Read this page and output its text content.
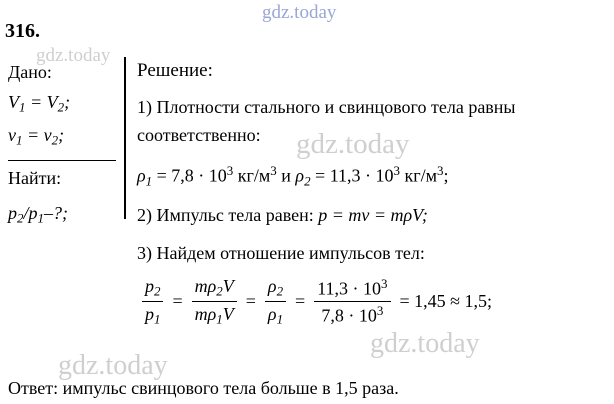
gdz.today
gdz.today
gdz.today
gdz.today
gdz.today
316.
Дано:
$V_1 = V_2$;
$v_1 = v_2$;
Найти:
$p_2/p_1-$?;
Решение:
1) Плотности стального и свинцового тела равны соответственно:
$\rho_1 = 7,8 \cdot 10^3$ $кг/м^3$ и $\rho_2 = 11,3 \cdot 10^3$ $кг/м^3$;
2) Импульс тела равен: p = mv = mρV;
3) Найдем отношение импульсов тел:
$\frac{p_2}{p_1} = \frac{m\rho_2V}{m\rho_1V} = \frac{\rho_2}{\rho_1} = \frac{11,3 \cdot 10^3}{7,8 \cdot 10^3} = 1,45 \approx 1,5$;
Ответ: импульс свинцового тела больше в 1,5 раза.
